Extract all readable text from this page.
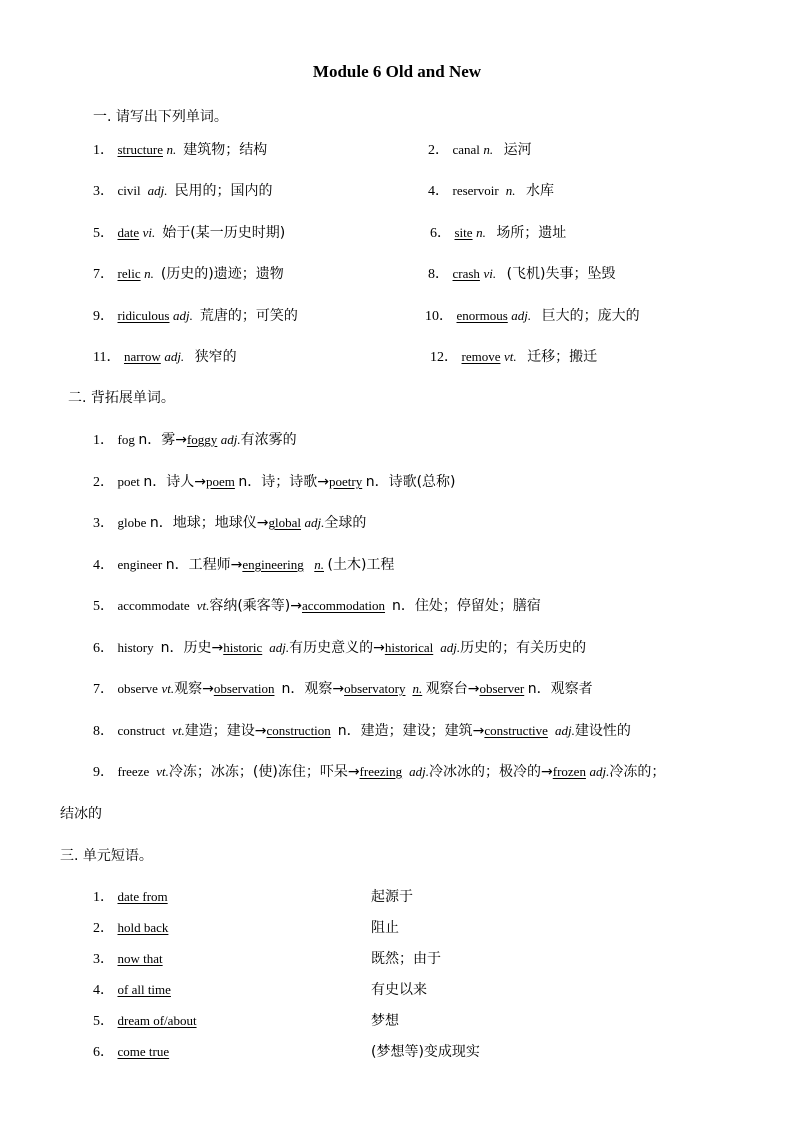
Module 6 Old and New
一. 请写出下列单词。
1． structure n. 建筑物；结构	2． canal n. 运河
3． civil adj. 民用的；国内的	4． reservoir n. 水库
5． date vi. 始于(某一历史时期)	6． site n. 场所；遗址
7． relic n. (历史的)遗迹；遗物	8． crash vi. (飞机)失事；坠毁
9． ridiculous adj. 荒唐的；可笑的	10． enormous adj. 巨大的；庞大的
11． narrow adj. 狭窄的	12． remove vt. 迁移；搬迁
二. 背拓展单词。
1． fog n．雾→foggy adj.有浓雾的
2． poet n．诗人→poem n．诗；诗歌→poetry n．诗歌(总称)
3． globe n．地球；地球仪→global adj.全球的
4． engineer n．工程师→engineering n. (土木)工程
5． accommodate vt.容纳(乘客等)→accommodation n．住处；停留处；膳宿
6． history n．历史→historic adj.有历史意义的→historical adj.历史的；有关历史的
7． observe vt.观察→observation n．观察→observatory n. 观察台→observer n．观察者
8． construct vt.建造；建设→construction n．建造；建设；建筑→constructive adj.建设性的
9． freeze vt.冷冻；冰冻；(使)冻住；吓呆→freezing adj.冷冰冰的；极冷的→frozen adj.冷冻的；
结冰的
三. 单元短语。
1． date from	起源于
2． hold back	阻止
3． now that	既然；由于
4． of all time	有史以来
5． dream of/about	梦想
6． come true	(梦想等)变成现实
